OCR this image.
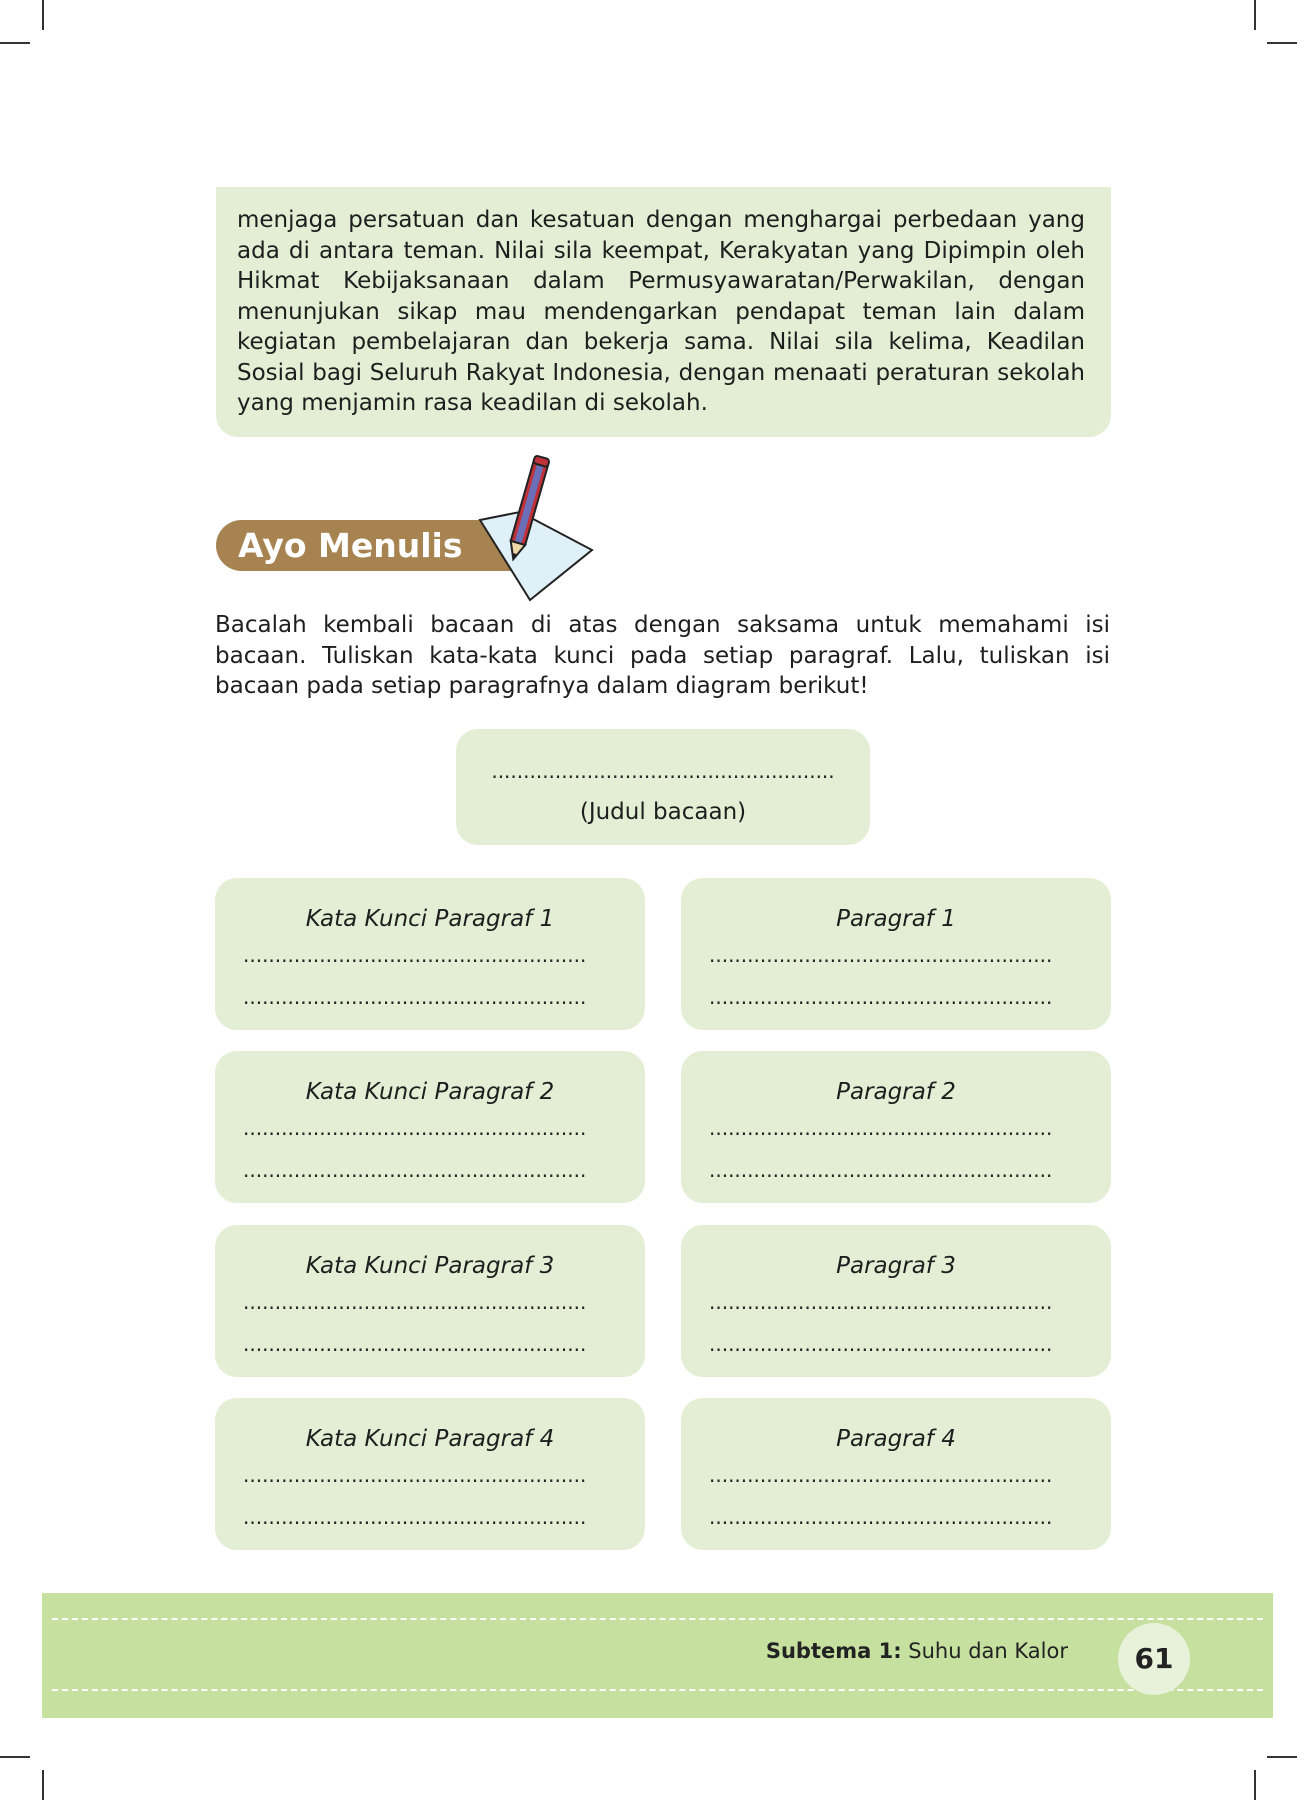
menjaga persatuan dan kesatuan dengan menghargai perbedaan yang ada di antara teman. Nilai sila keempat, Kerakyatan yang Dipimpin oleh Hikmat Kebijaksanaan dalam Permusyawaratan/Perwakilan, dengan menunjukan sikap mau mendengarkan pendapat teman lain dalam kegiatan pembelajaran dan bekerja sama. Nilai sila kelima, Keadilan Sosial bagi Seluruh Rakyat Indonesia, dengan menaati peraturan sekolah yang menjamin rasa keadilan di sekolah.

Ayo Menulis

Bacalah kembali bacaan di atas dengan saksama untuk memahami isi bacaan. Tuliskan kata-kata kunci pada setiap paragraf. Lalu, tuliskan isi bacaan pada setiap paragrafnya dalam diagram berikut!

......................................................
(Judul bacaan)
Kata Kunci Paragraf 1
......................................................
......................................................
Paragraf 1
......................................................
......................................................
Kata Kunci Paragraf 2
......................................................
......................................................
Paragraf 2
......................................................
......................................................
Kata Kunci Paragraf 3
......................................................
......................................................
Paragraf 3
......................................................
......................................................
Kata Kunci Paragraf 4
......................................................
......................................................
Paragraf 4
......................................................
......................................................
Subtema 1: Suhu dan Kalor	61
